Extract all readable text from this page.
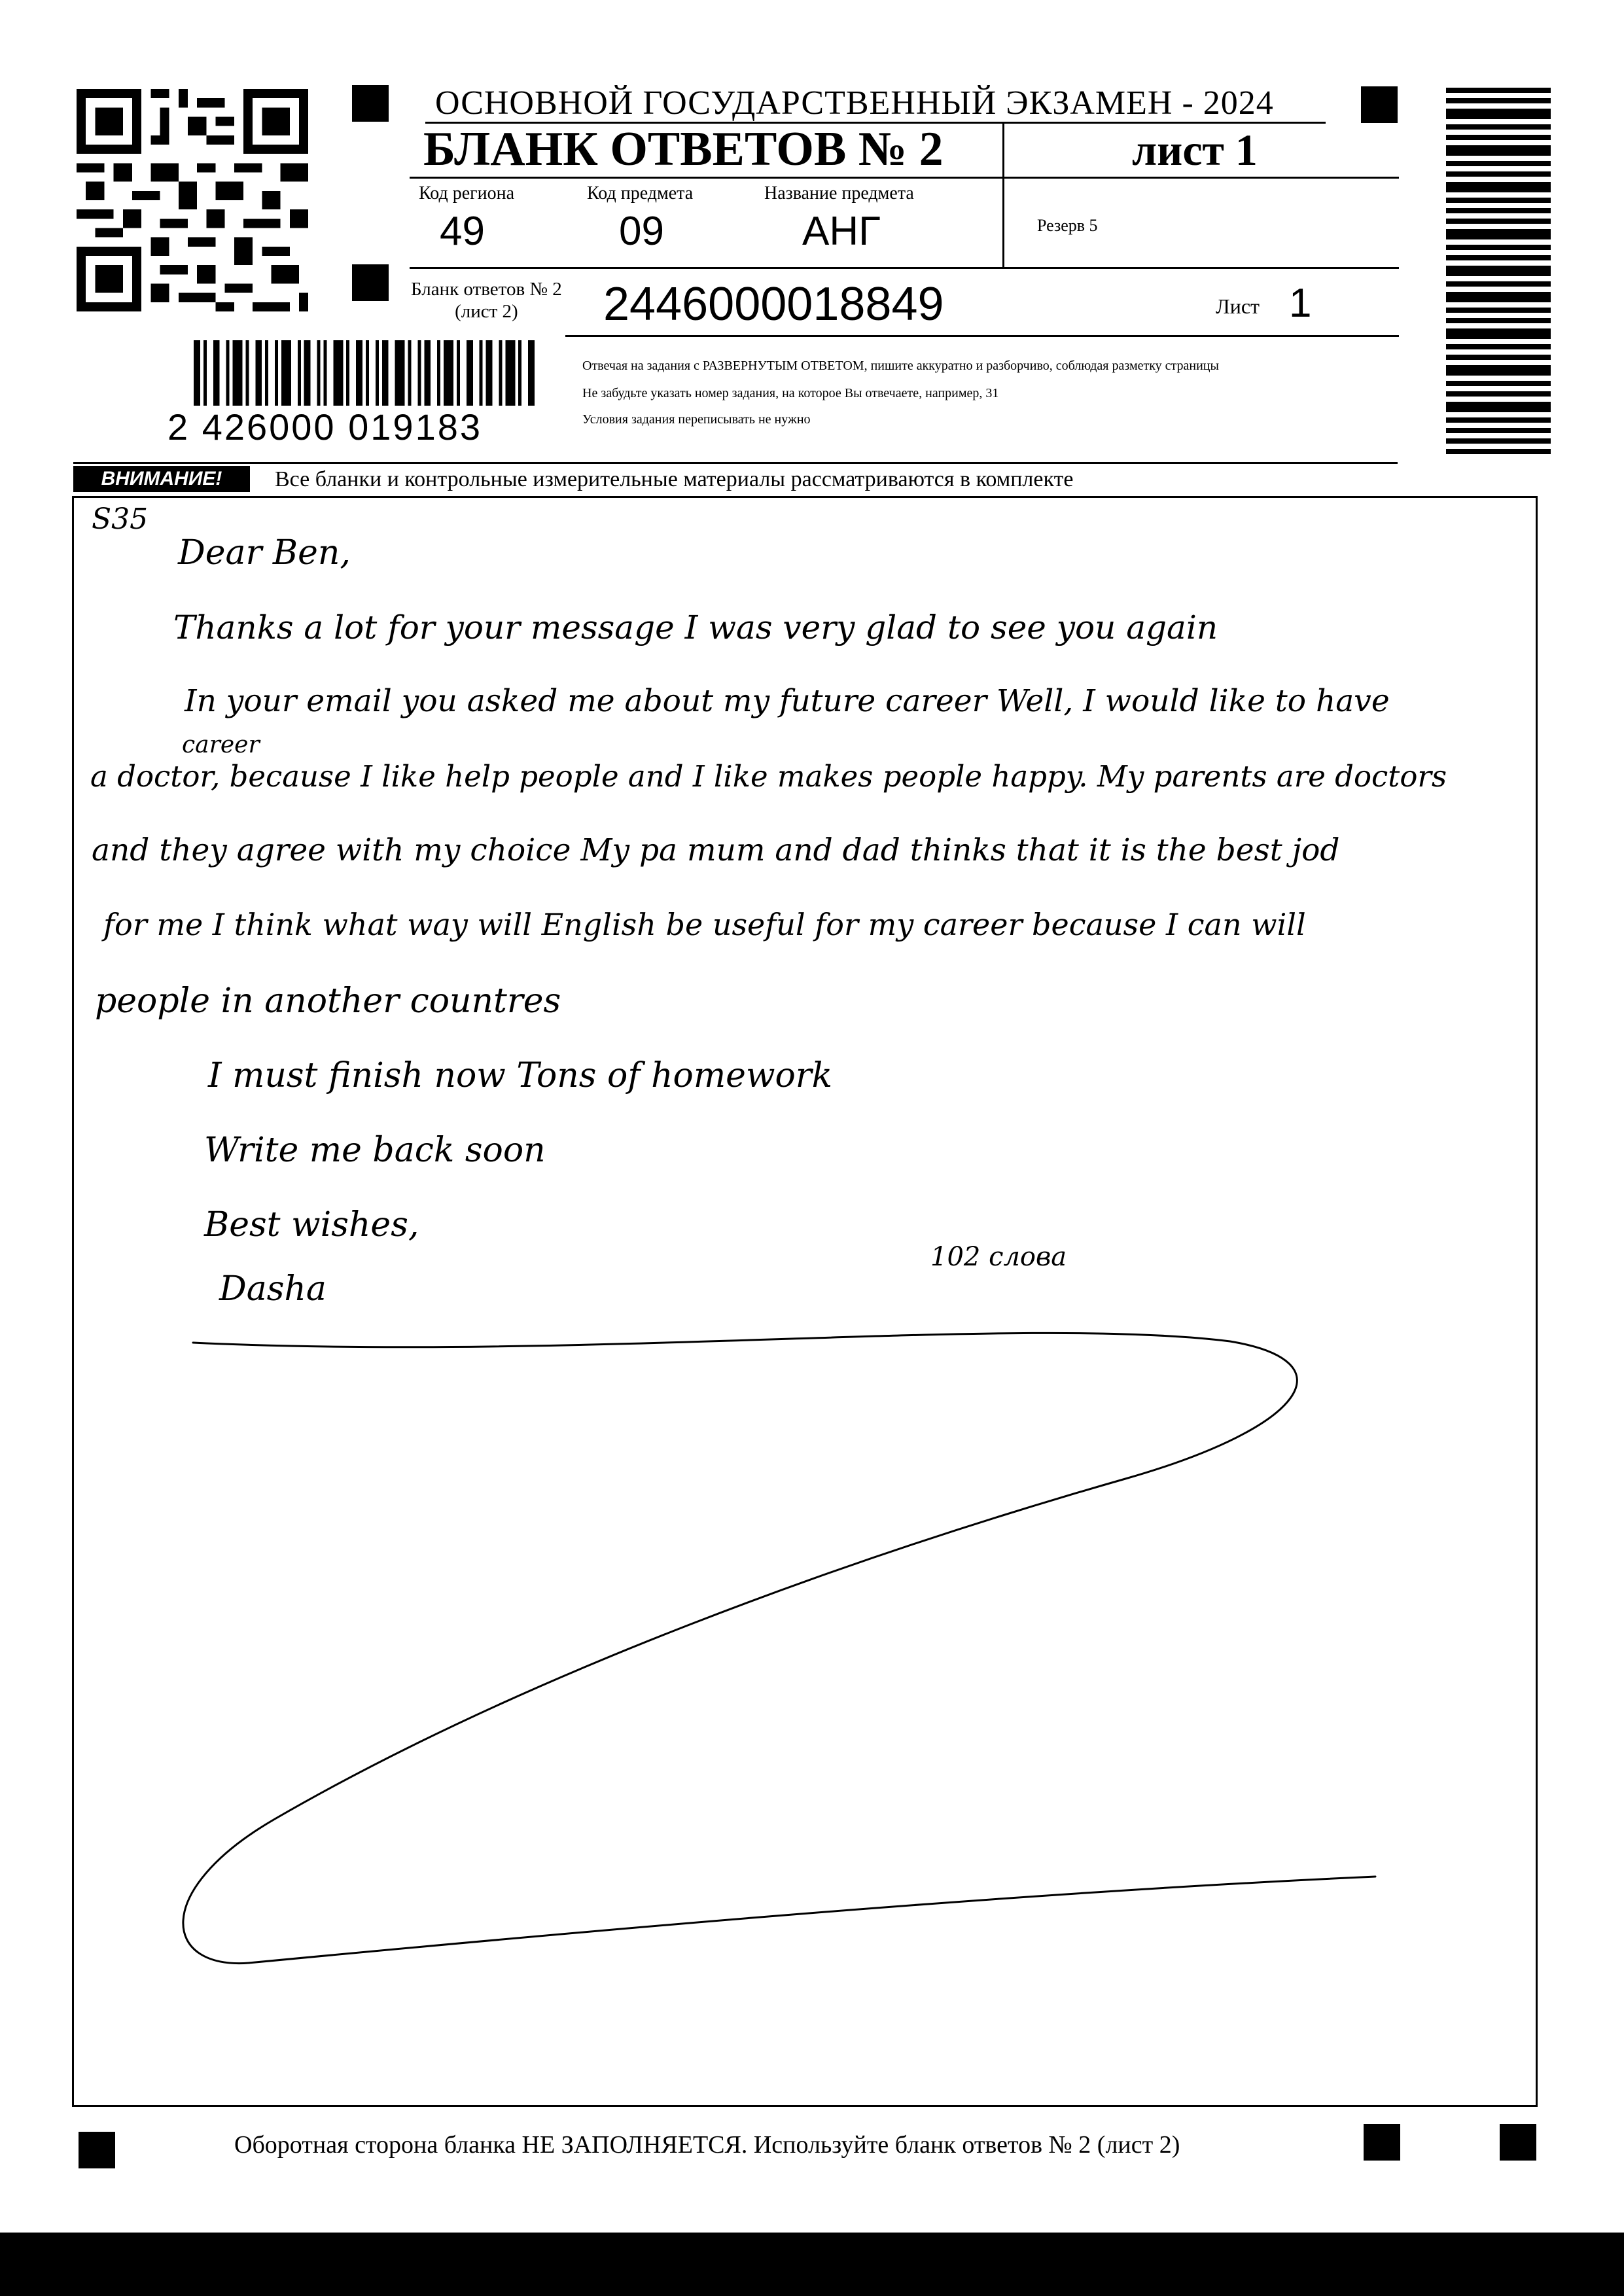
ОСНОВНОЙ ГОСУДАРСТВЕННЫЙ ЭКЗАМЕН - 2024
БЛАНК ОТВЕТОВ № 2	лист 1
Код региона
49
Код предмета
09
Название предмета
АНГ	Резерв 5
Бланк ответов № 2
(лист 2)	2446000018849	Лист 1
2 426000 019183
Отвечая на задания с РАЗВЕРНУТЫМ ОТВЕТОМ, пишите аккуратно и разборчиво, соблюдая разметку страницы
Не забудьте указать номер задания, на которое Вы отвечаете, например, 31
Условия задания переписывать не нужно
ВНИМАНИЕ!	Все бланки и контрольные измерительные материалы рассматриваются в комплекте
S35
Dear Ben,
Thanks a lot for your message I was very glad to see you again
In your email you asked me about my future career Well, I would like to have
career
a doctor, because I like help people and I like makes people happy. My parents are doctors
and they agree with my choice My pa mum and dad thinks that it is the best jod
for me I think what way will English be useful for my career because I can will
people in another countres
I must finish now Tons of homework
Write me back soon
Best wishes,
Dasha
102 слова
Оборотная сторона бланка НЕ ЗАПОЛНЯЕТСЯ. Используйте бланк ответов № 2 (лист 2)
